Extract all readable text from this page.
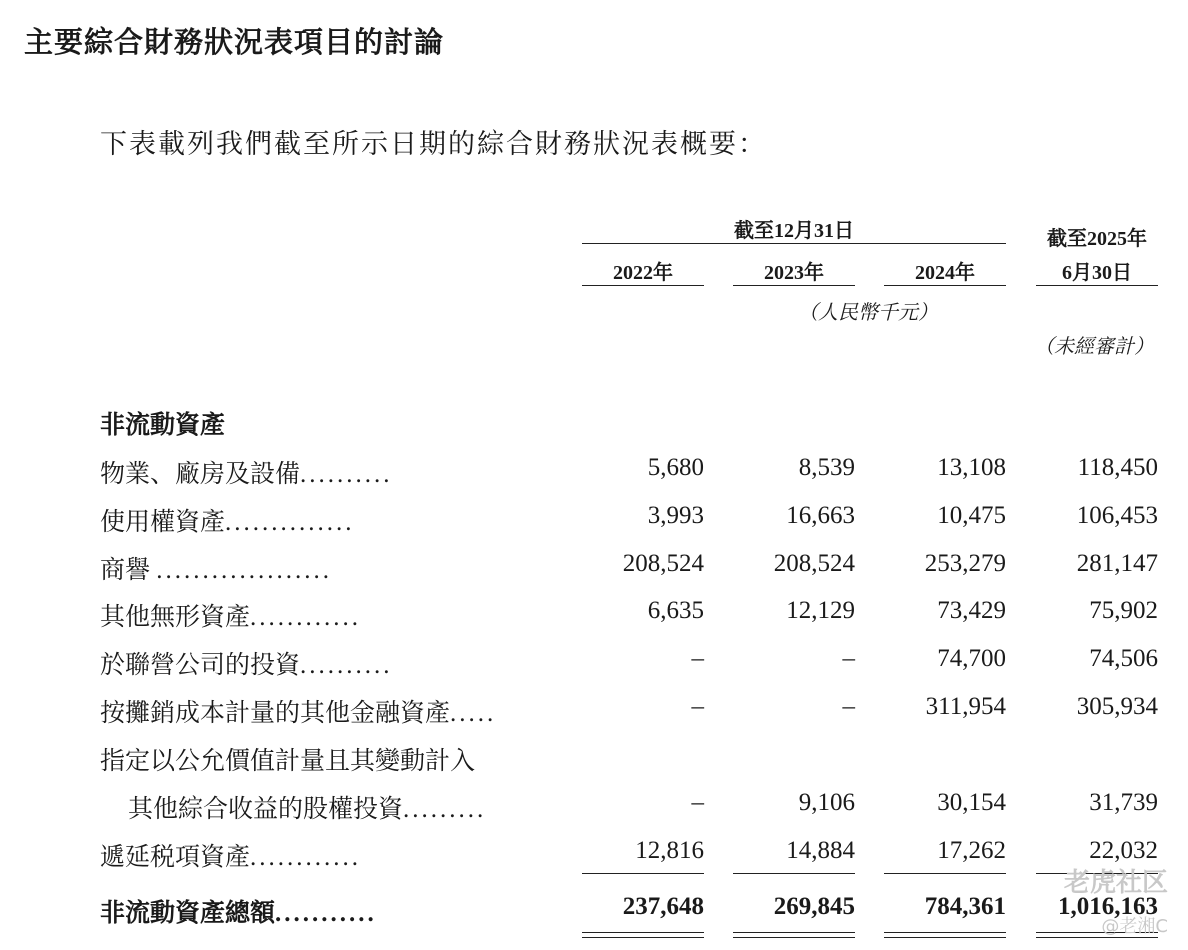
主要綜合財務狀況表項目的討論
下表載列我們截至所示日期的綜合財務狀況表概要：
截至12月31日	截至2025年
6月30日
2022年	2023年	2024年
（人民幣千元）
（未經審計）
非流動資產
物業、廠房及設備..........	5,680	8,539	13,108	118,450
使用權資產..............	3,993	16,663	10,475	106,453
商譽 ...................	208,524	208,524	253,279	281,147
其他無形資產............	6,635	12,129	73,429	75,902
於聯營公司的投資..........	–	–	74,700	74,506
按攤銷成本計量的其他金融資產.....	–	–	311,954	305,934
指定以公允價值計量且其變動計入
其他綜合收益的股權投資.........	–	9,106	30,154	31,739
遞延税項資產............	12,816	14,884	17,262	22,032
非流動資產總額...........	237,648	269,845	784,361	1,016,163
老虎社区
@老湘C
